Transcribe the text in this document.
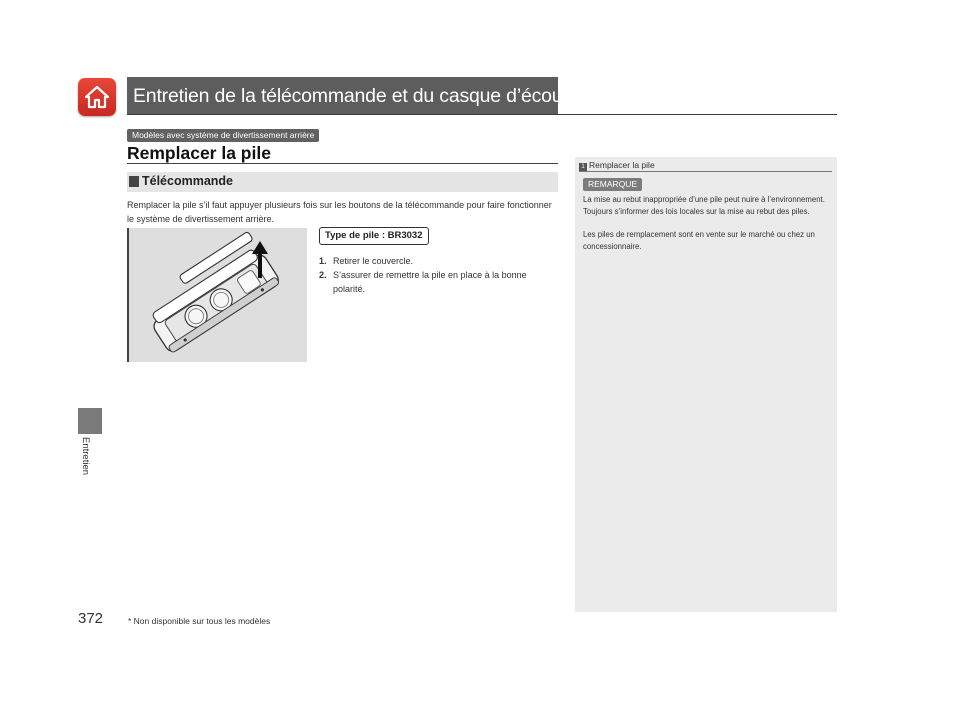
Entretien de la télécommande et du casque d’écoute sans fil*
Modèles avec système de divertissement arrière
Remplacer la pile
Télécommande
Remplacer la pile s’il faut appuyer plusieurs fois sur les boutons de la télécommande pour faire fonctionner le système de divertissement arrière.
Type de pile : BR3032
1. Retirer le couvercle.
2. S’assurer de remettre la pile en place à la bonne polarité.
Entretien
372	* Non disponible sur tous les modèles
1 Remplacer la pile
REMARQUE

La mise au rebut inappropriée d’une pile peut nuire à l’environnement. Toujours s’informer des lois locales sur la mise au rebut des piles.

Les piles de remplacement sont en vente sur le marché ou chez un concessionnaire.
